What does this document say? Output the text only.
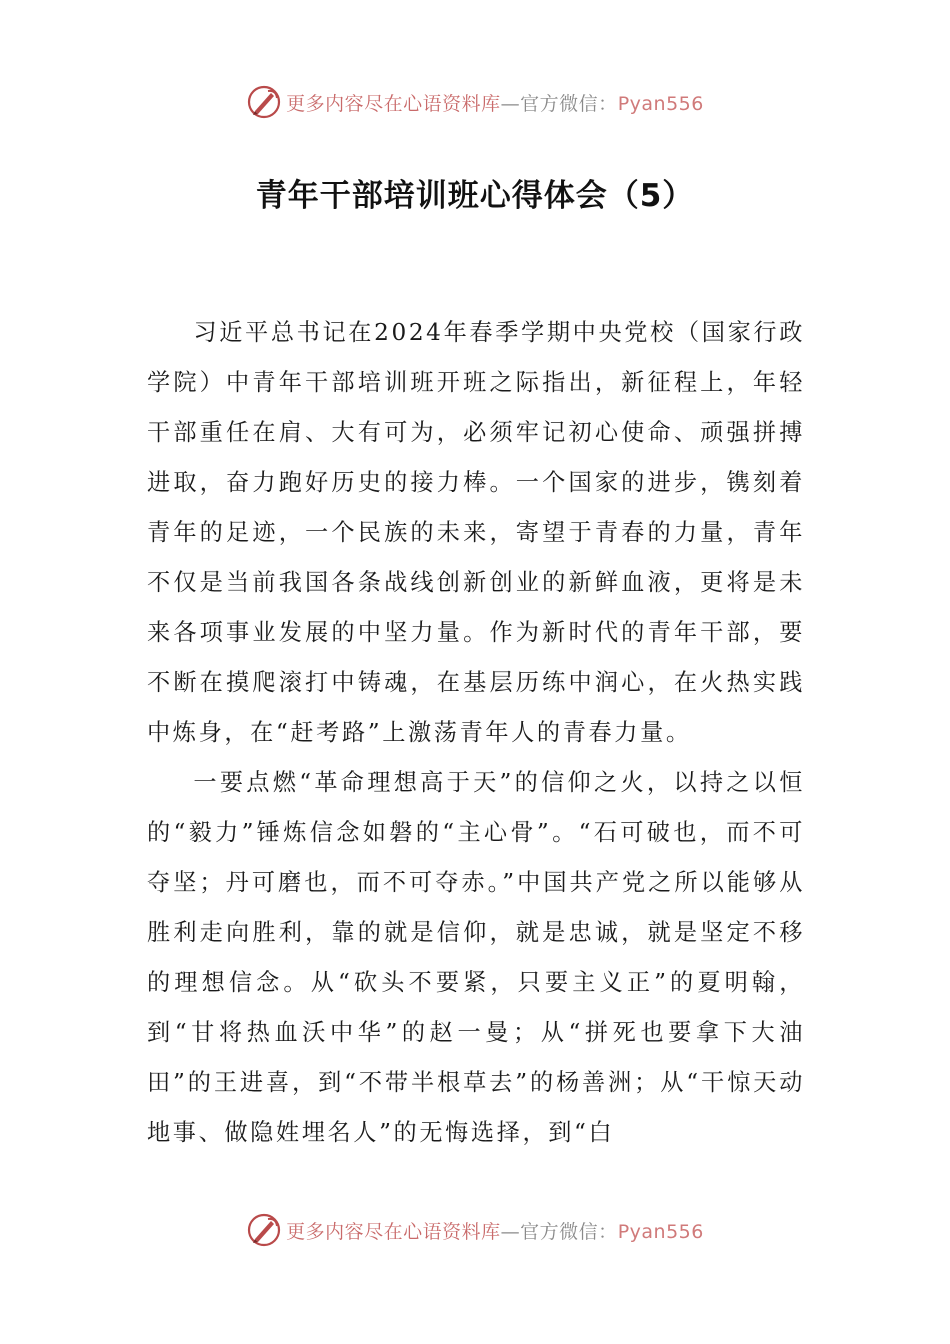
更多内容尽在心语资料库—官方微信：Pyan556
青年干部培训班心得体会（5）

习近平总书记在2024年春季学期中央党校（国家行政学院）中青年干部培训班开班之际指出，新征程上，年轻干部重任在肩、大有可为，必须牢记初心使命、顽强拼搏进取，奋力跑好历史的接力棒。一个国家的进步，镌刻着青年的足迹，一个民族的未来，寄望于青春的力量，青年不仅是当前我国各条战线创新创业的新鲜血液，更将是未来各项事业发展的中坚力量。作为新时代的青年干部，要不断在摸爬滚打中铸魂，在基层历练中润心，在火热实践中炼身，在“赶考路”上激荡青年人的青春力量。

一要点燃“革命理想高于天”的信仰之火，以持之以恒的“毅力”锤炼信念如磐的“主心骨”。“石可破也，而不可夺坚；丹可磨也，而不可夺赤。”中国共产党之所以能够从胜利走向胜利，靠的就是信仰，就是忠诚，就是坚定不移的理想信念。从“砍头不要紧，只要主义正”的夏明翰，到“甘将热血沃中华”的赵一曼；从“拼死也要拿下大油田”的王进喜，到“不带半根草去”的杨善洲；从“干惊天动地事、做隐姓埋名人”的无悔选择，到“白

更多内容尽在心语资料库—官方微信：Pyan556
